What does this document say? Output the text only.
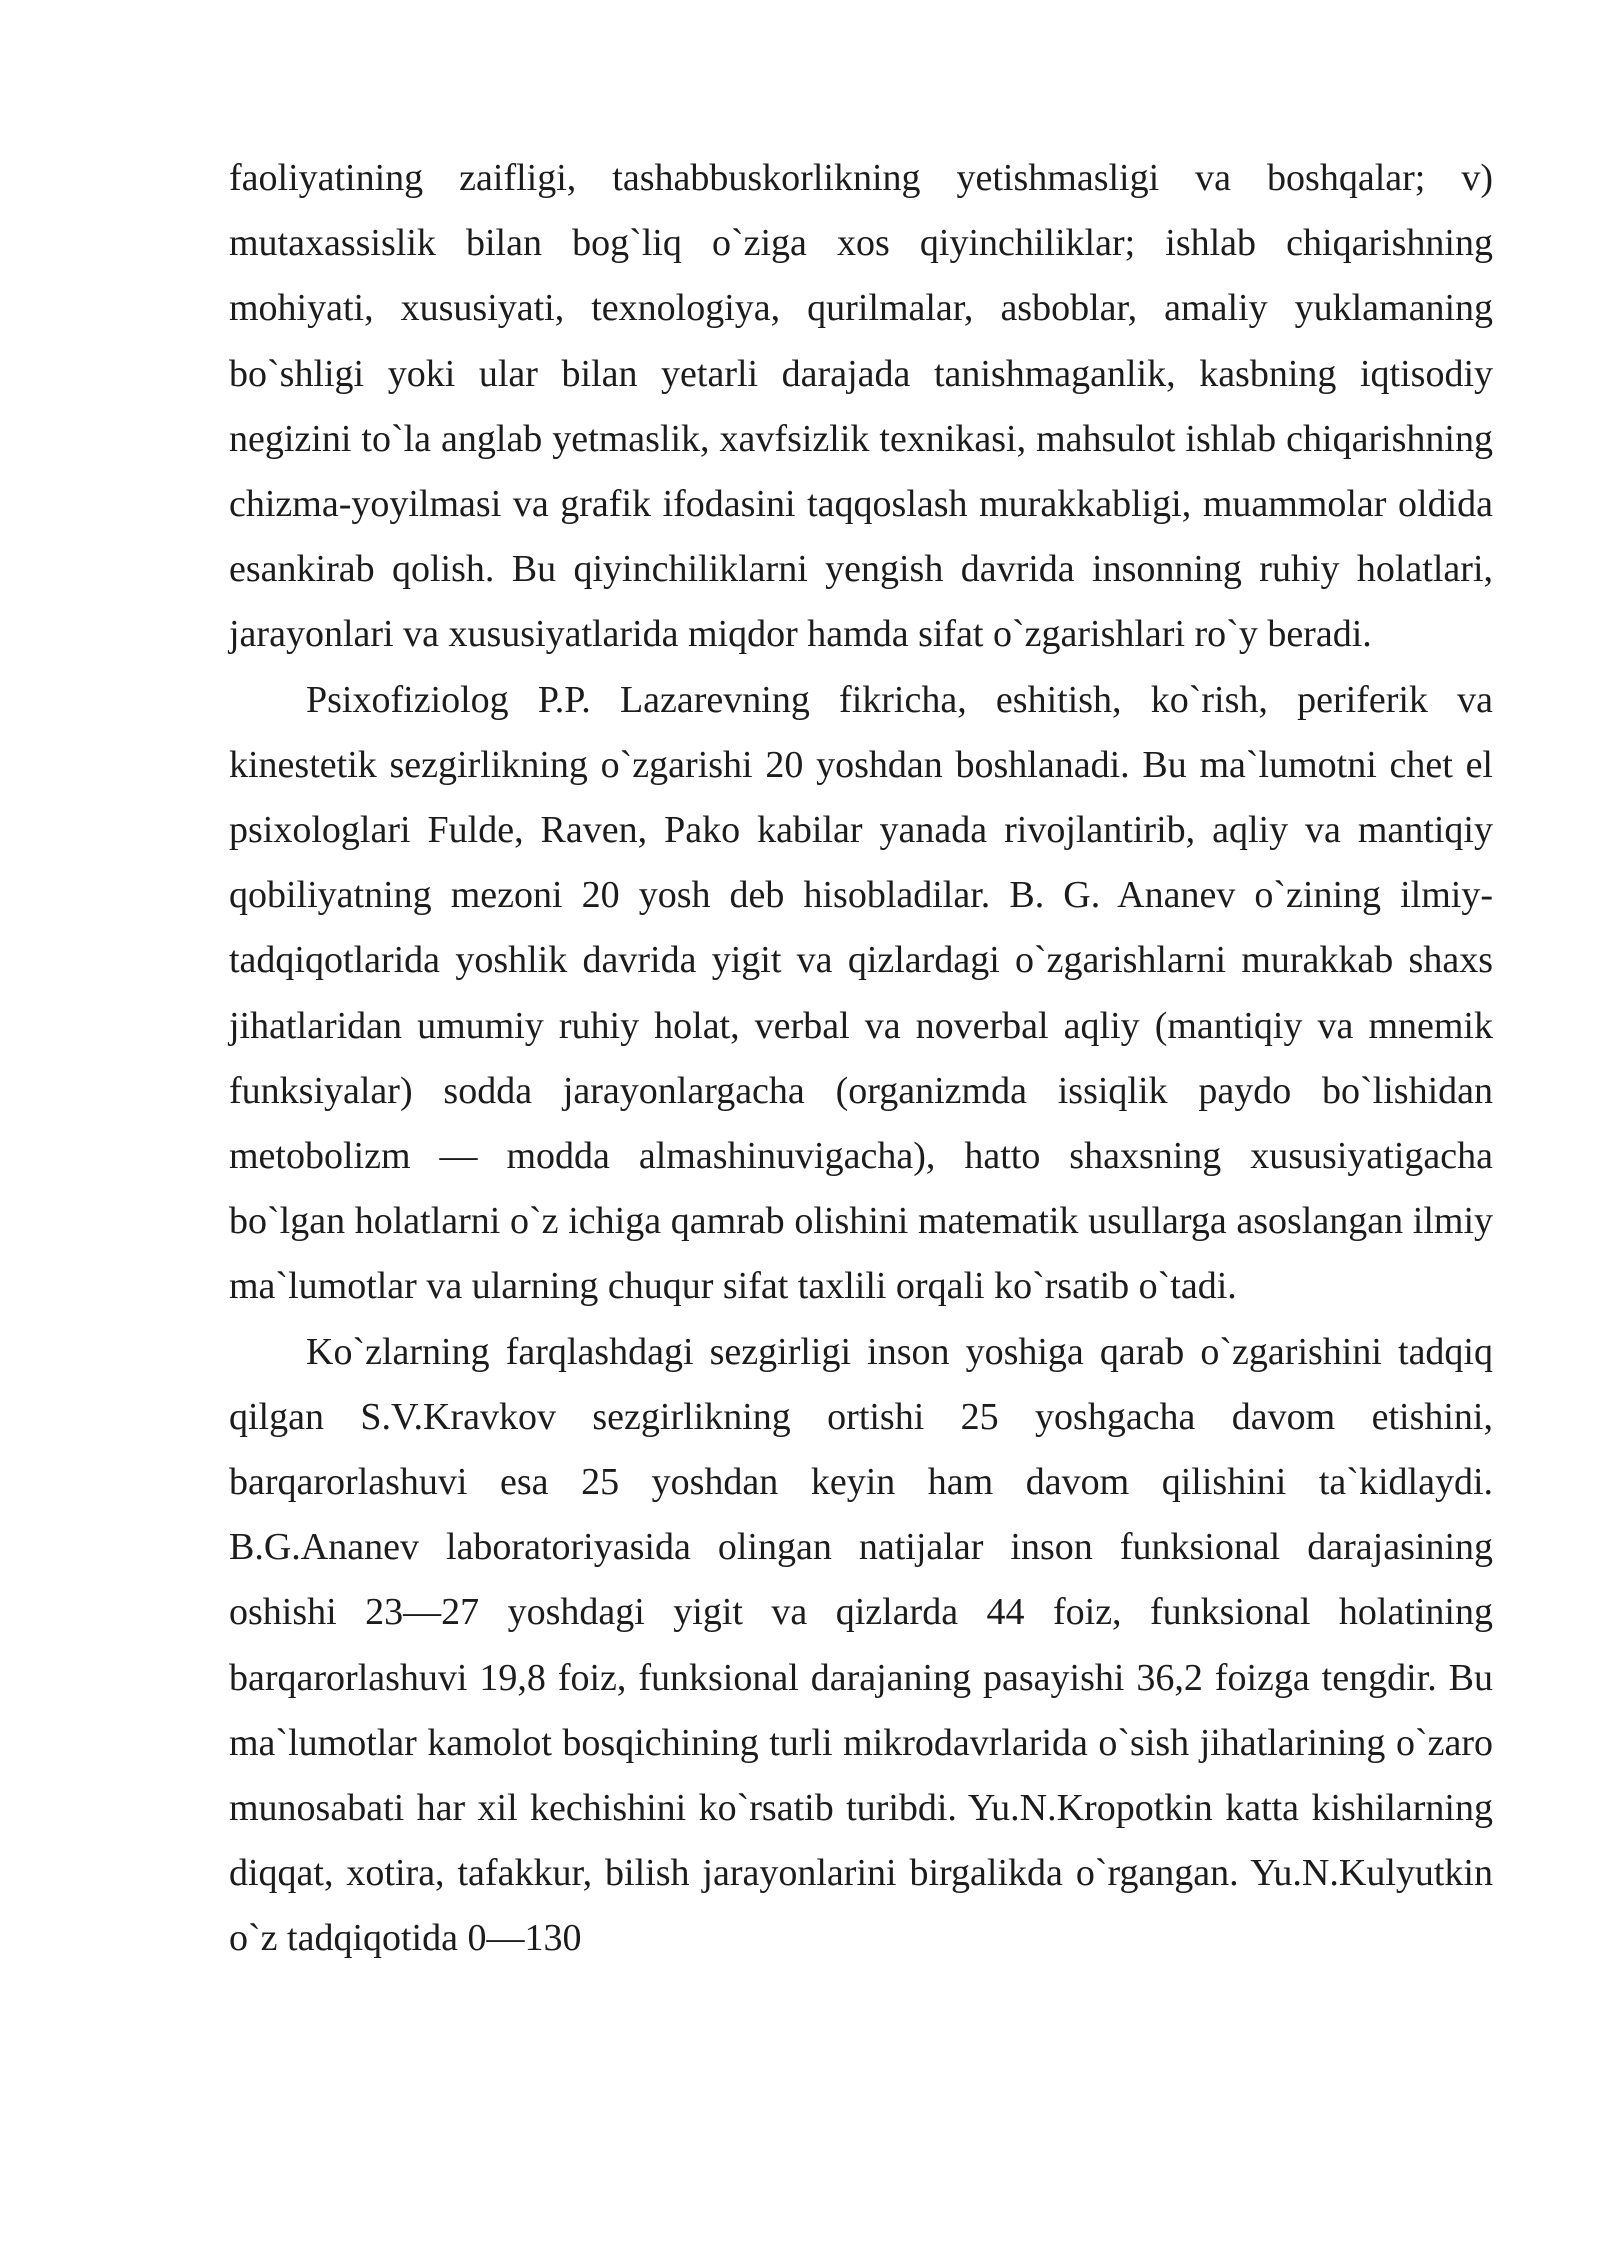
faoliyatining zaifligi, tashabbuskorlikning yetishmasligi va boshqalar; v) mutaxassislik bilan bog`liq o`ziga xos qiyinchiliklar; ishlab chiqarishning mohiyati, xususiyati, texnologiya, qurilmalar, asboblar, amaliy yuklamaning bo`shligi yoki ular bilan yetarli darajada tanishmaganlik, kasbning iqtisodiy negizini to`la anglab yetmaslik, xavfsizlik texnikasi, mahsulot ishlab chiqarishning chizma-yoyilmasi va grafik ifodasini taqqoslash murakkabligi, muammolar oldida esankirab qolish. Bu qiyinchiliklarni yengish davrida insonning ruhiy holatlari, jarayonlari va xususiyatlarida miqdor hamda sifat o`zgarishlari ro`y beradi.

Psixofiziolog P.P. Lazarevning fikricha, eshitish, ko`rish, periferik va kinestetik sezgirlikning o`zgarishi 20 yoshdan boshlanadi. Bu ma`lumotni chet el psixologlari Fulde, Raven, Pako kabilar yanada rivojlantirib, aqliy va mantiqiy qobiliyatning mezoni 20 yosh deb hisobladilar. B. G. Ananev o`zining ilmiy-tadqiqotlarida yoshlik davrida yigit va qizlardagi o`zgarishlarni murakkab shaxs jihatlaridan umumiy ruhiy holat, verbal va noverbal aqliy (mantiqiy va mnemik funksiyalar) sodda jarayonlargacha (organizmda issiqlik paydo bo`lishidan metobolizm — modda almashinuvigacha), hatto shaxsning xususiyatigacha bo`lgan holatlarni o`z ichiga qamrab olishini matematik usullarga asoslangan ilmiy ma`lumotlar va ularning chuqur sifat taxlili orqali ko`rsatib o`tadi.

Ko`zlarning farqlashdagi sezgirligi inson yoshiga qarab o`zgarishini tadqiq qilgan S.V.Kravkov sezgirlikning ortishi 25 yoshgacha davom etishini, barqarorlashuvi esa 25 yoshdan keyin ham davom qilishini ta`kidlaydi. B.G.Ananev laboratoriyasida olingan natijalar inson funksional darajasining oshishi 23—27 yoshdagi yigit va qizlarda 44 foiz, funksional holatining barqarorlashuvi 19,8 foiz, funksional darajaning pasayishi 36,2 foizga tengdir. Bu ma`lumotlar kamolot bosqichining turli mikrodavrlarida o`sish jihatlarining o`zaro munosabati har xil kechishini ko`rsatib turibdi. Yu.N.Kropotkin katta kishilarning diqqat, xotira, tafakkur, bilish jarayonlarini birgalikda o`rgangan. Yu.N.Kulyutkin o`z tadqiqotida 0—130
